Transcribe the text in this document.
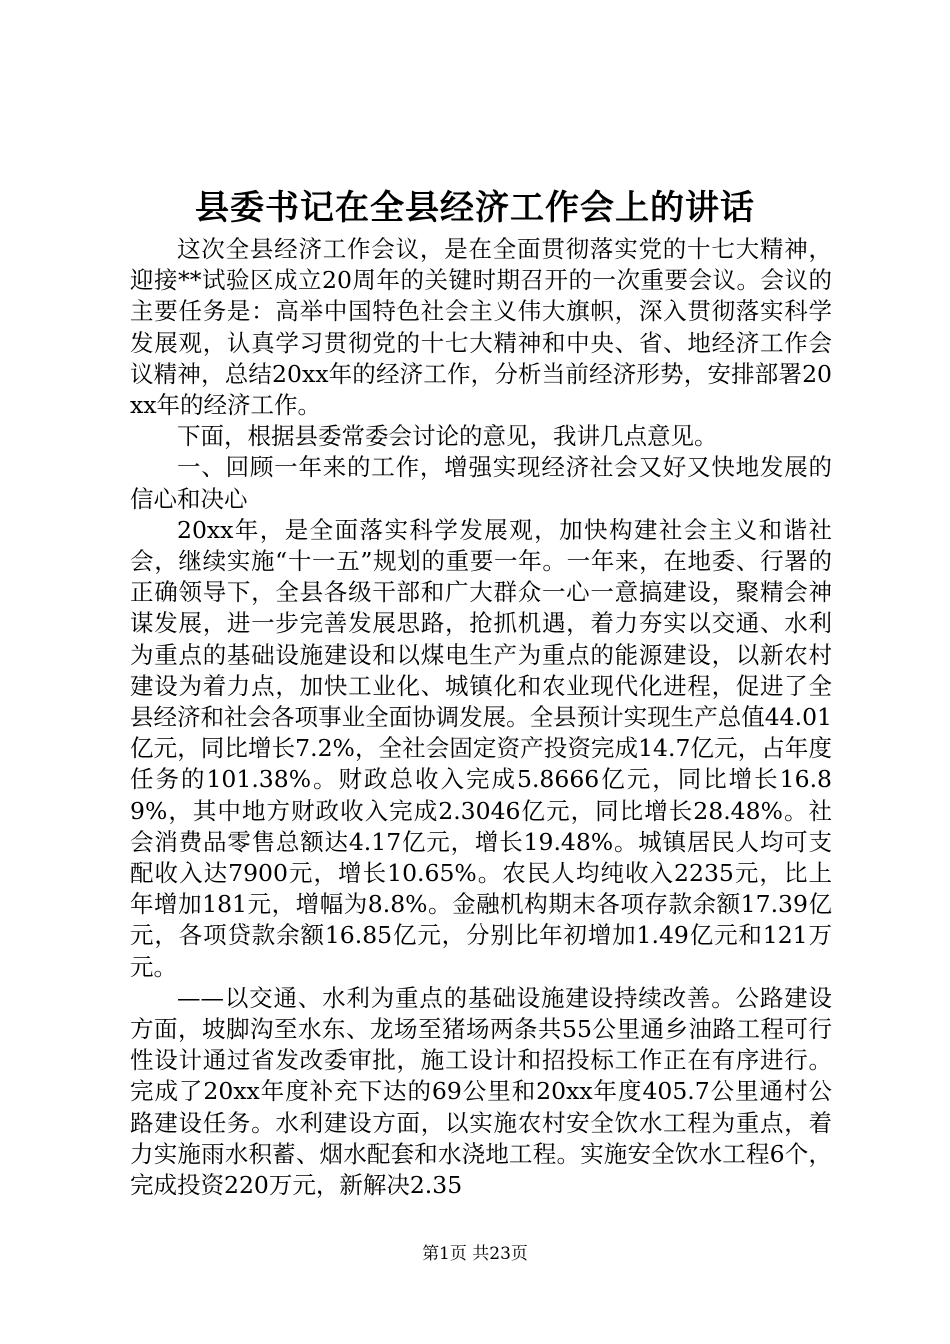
县委书记在全县经济工作会上的讲话

这次全县经济工作会议，是在全面贯彻落实党的十七大精神，迎接**试验区成立20周年的关键时期召开的一次重要会议。会议的主要任务是：高举中国特色社会主义伟大旗帜，深入贯彻落实科学发展观，认真学习贯彻党的十七大精神和中央、省、地经济工作会议精神，总结20xx年的经济工作，分析当前经济形势，安排部署20xx年的经济工作。

下面，根据县委常委会讨论的意见，我讲几点意见。

一、回顾一年来的工作，增强实现经济社会又好又快地发展的信心和决心

20xx年，是全面落实科学发展观，加快构建社会主义和谐社会，继续实施“十一五”规划的重要一年。一年来，在地委、行署的正确领导下，全县各级干部和广大群众一心一意搞建设，聚精会神谋发展，进一步完善发展思路，抢抓机遇，着力夯实以交通、水利为重点的基础设施建设和以煤电生产为重点的能源建设，以新农村建设为着力点，加快工业化、城镇化和农业现代化进程，促进了全县经济和社会各项事业全面协调发展。全县预计实现生产总值44.01亿元，同比增长7.2%，全社会固定资产投资完成14.7亿元，占年度任务的101.38%。财政总收入完成5.8666亿元，同比增长16.89%，其中地方财政收入完成2.3046亿元，同比增长28.48%。社会消费品零售总额达4.17亿元，增长19.48%。城镇居民人均可支配收入达7900元，增长10.65%。农民人均纯收入2235元，比上年增加181元，增幅为8.8%。金融机构期末各项存款余额17.39亿元，各项贷款余额16.85亿元，分别比年初增加1.49亿元和121万元。

——以交通、水利为重点的基础设施建设持续改善。公路建设方面，坡脚沟至水东、龙场至猪场两条共55公里通乡油路工程可行性设计通过省发改委审批，施工设计和招投标工作正在有序进行。完成了20xx年度补充下达的69公里和20xx年度405.7公里通村公路建设任务。水利建设方面，以实施农村安全饮水工程为重点，着力实施雨水积蓄、烟水配套和水浇地工程。实施安全饮水工程6个，完成投资220万元，新解决2.35

第1页 共23页
